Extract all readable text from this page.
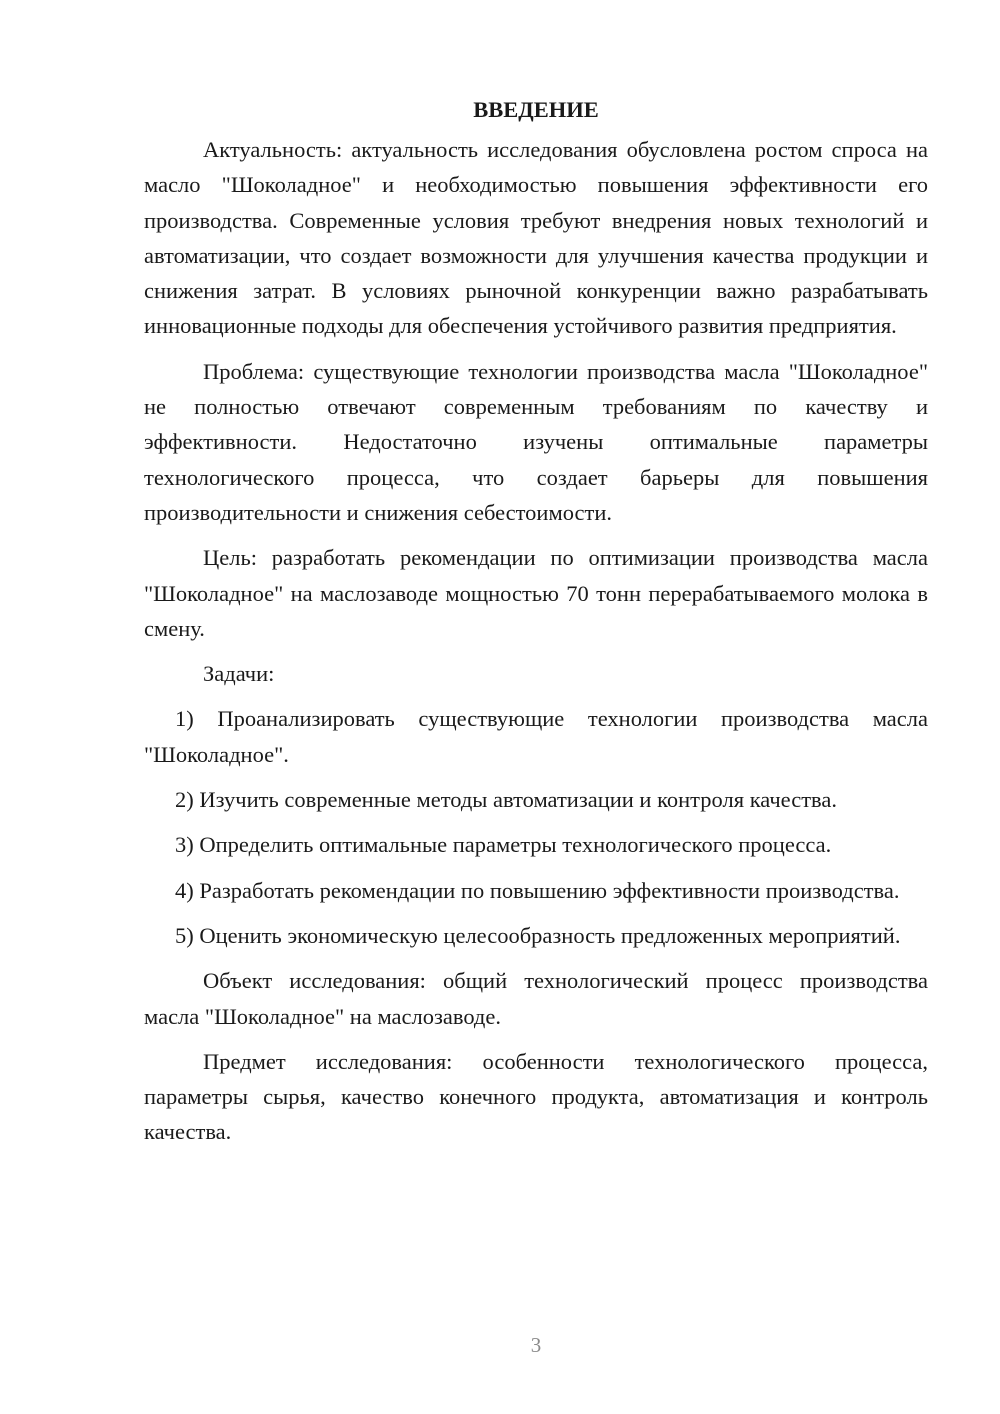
ВВЕДЕНИЕ

Актуальность: актуальность исследования обусловлена ростом спроса на масло "Шоколадное" и необходимостью повышения эффективности его производства. Современные условия требуют внедрения новых технологий и автоматизации, что создает возможности для улучшения качества продукции и снижения затрат. В условиях рыночной конкуренции важно разрабатывать инновационные подходы для обеспечения устойчивого развития предприятия.

Проблема: существующие технологии производства масла "Шоколадное" не полностью отвечают современным требованиям по качеству и эффективности. Недостаточно изучены оптимальные параметры технологического процесса, что создает барьеры для повышения производительности и снижения себестоимости.

Цель: разработать рекомендации по оптимизации производства масла "Шоколадное" на маслозаводе мощностью 70 тонн перерабатываемого молока в смену.

Задачи:

1) Проанализировать существующие технологии производства масла "Шоколадное".

2) Изучить современные методы автоматизации и контроля качества.

3) Определить оптимальные параметры технологического процесса.

4) Разработать рекомендации по повышению эффективности производства.

5) Оценить экономическую целесообразность предложенных мероприятий.

Объект исследования: общий технологический процесс производства масла "Шоколадное" на маслозаводе.

Предмет исследования: особенности технологического процесса, параметры сырья, качество конечного продукта, автоматизация и контроль качества.

3
